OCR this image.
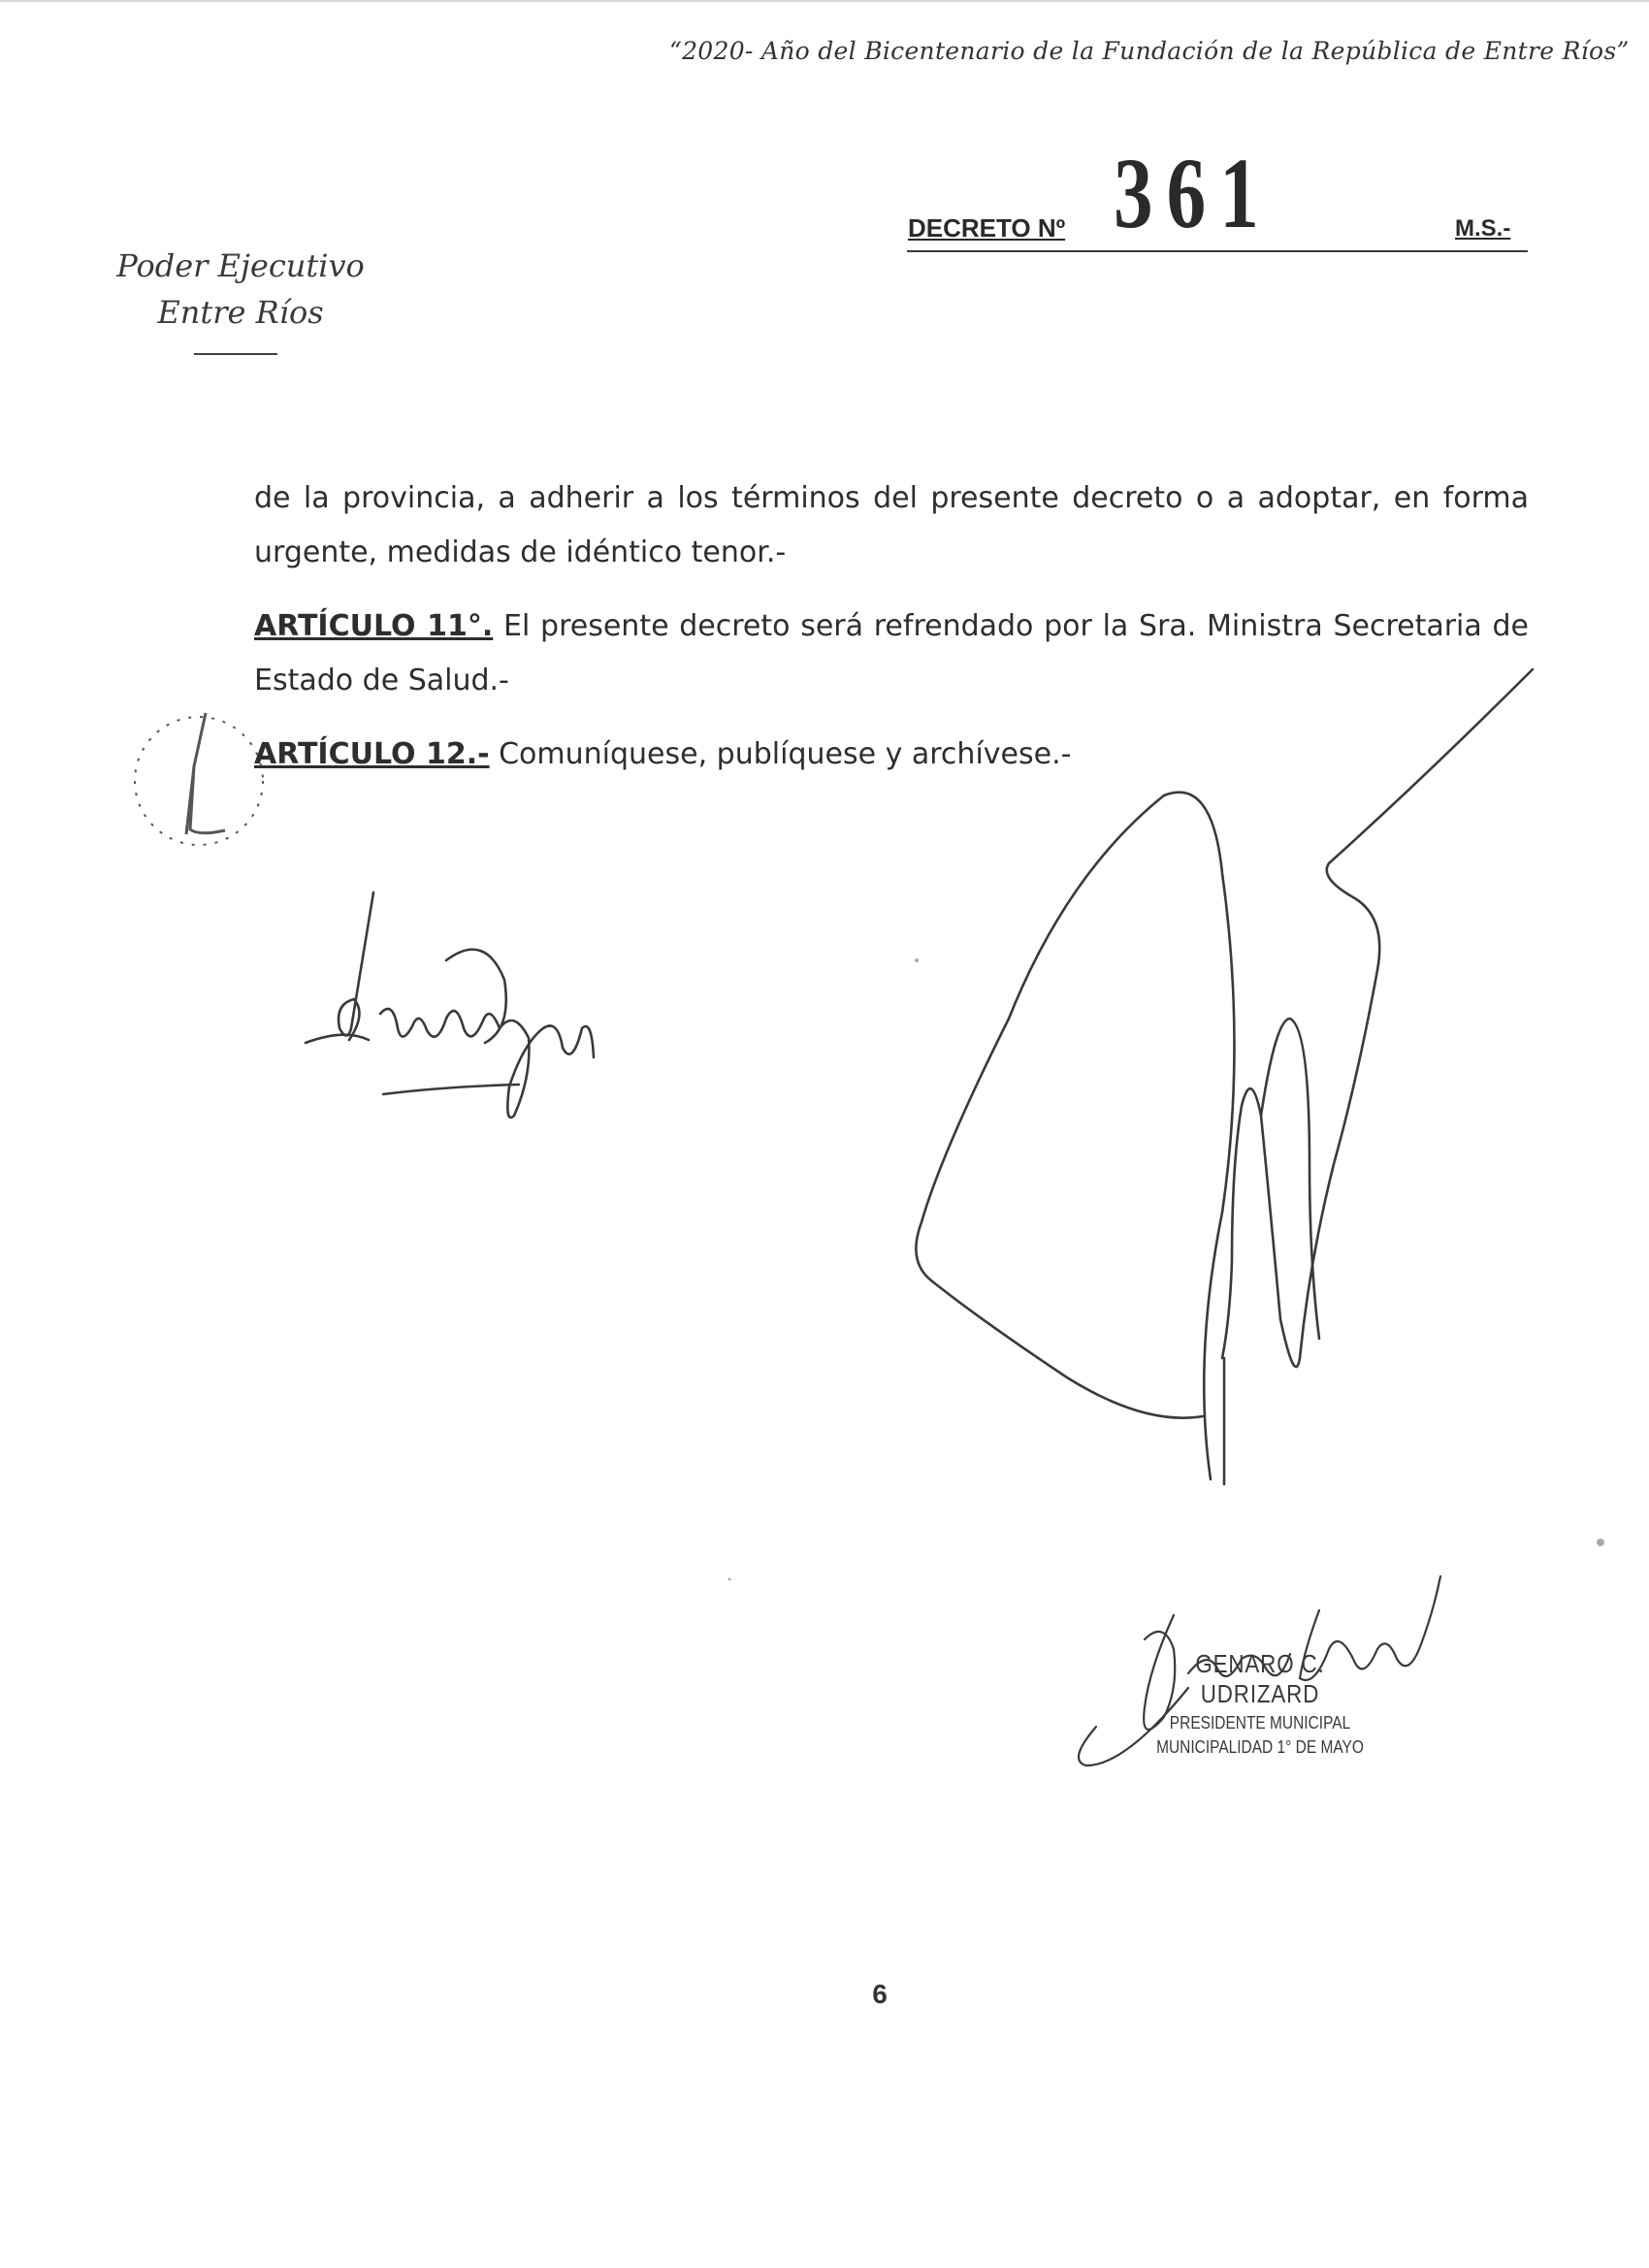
“2020- Año del Bicentenario de la Fundación de la República de Entre Ríos”
DECRETO Nº 361	M.S.-
Poder Ejecutivo
Entre Ríos

de la provincia, a adherir a los términos del presente decreto o a adoptar, en forma urgente, medidas de idéntico tenor.-

ARTÍCULO 11°. El presente decreto será refrendado por la Sra. Ministra Secretaria de Estado de Salud.-

ARTÍCULO 12.- Comuníquese, publíquese y archívese.-

GENARO C. UDRIZARD
PRESIDENTE MUNICIPAL
MUNICIPALIDAD 1° DE MAYO
6
